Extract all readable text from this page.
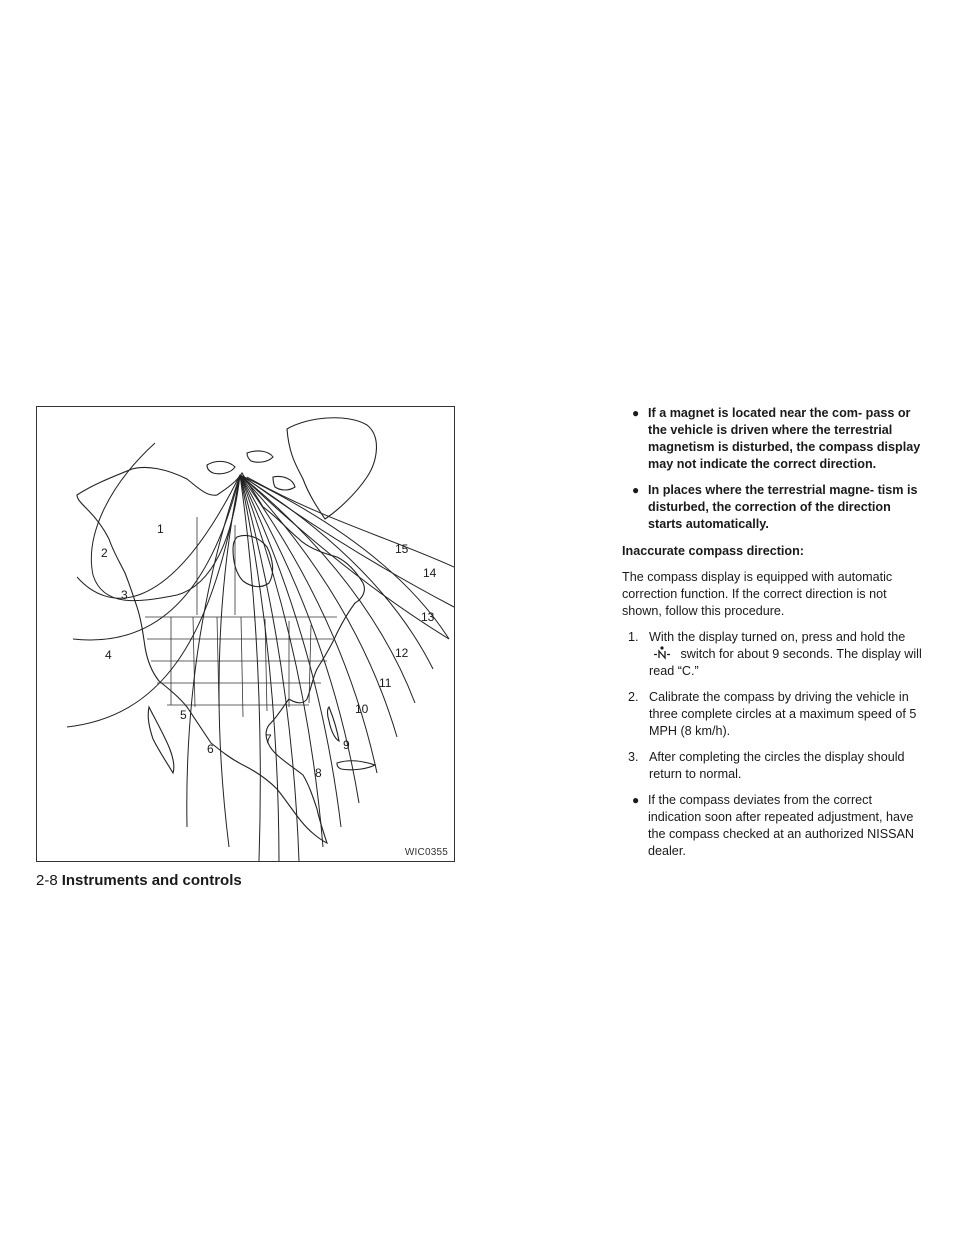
1
2
3
4
5
6
7
8
9
10
11
12
13
14
15
WIC0355
2-8 Instruments and controls
● If a magnet is located near the com- pass or the vehicle is driven where the terrestrial magnetism is disturbed, the compass display may not indicate the correct direction.
● In places where the terrestrial magne- tism is disturbed, the correction of the direction starts automatically.
Inaccurate compass direction:
The compass display is equipped with automatic correction function. If the correct direction is not shown, follow this procedure.
1. With the display turned on, press and hold the  switch for about 9 seconds. The display will read “C.”
2. Calibrate the compass by driving the vehicle in three complete circles at a maximum speed of 5 MPH (8 km/h).
3. After completing the circles the display should return to normal.
● If the compass deviates from the correct indication soon after repeated adjustment, have the compass checked at an authorized NISSAN dealer.
